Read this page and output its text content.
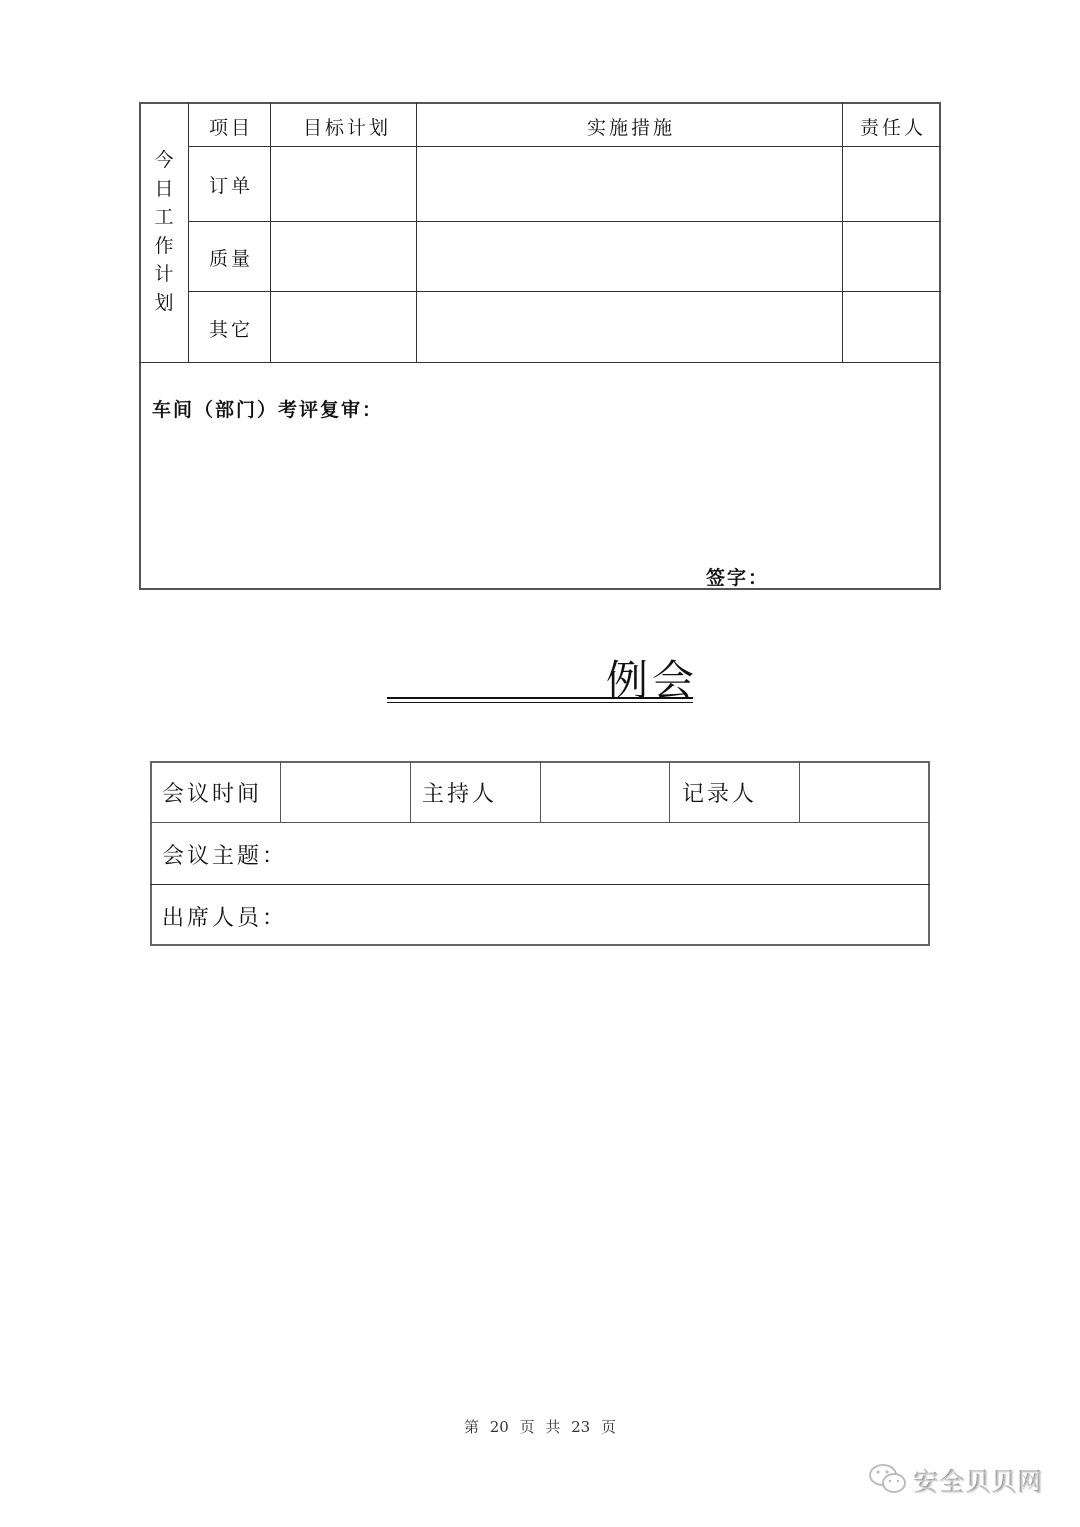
今
日
工
作
计
划
项目	目标计划	实施措施	责任人
订单
质量
其它
车间（部门）考评复审：
签字：
例会
会议时间	主持人	记录人
会议主题：
出席人员：
第 20 页 共 23 页
安全贝贝网
